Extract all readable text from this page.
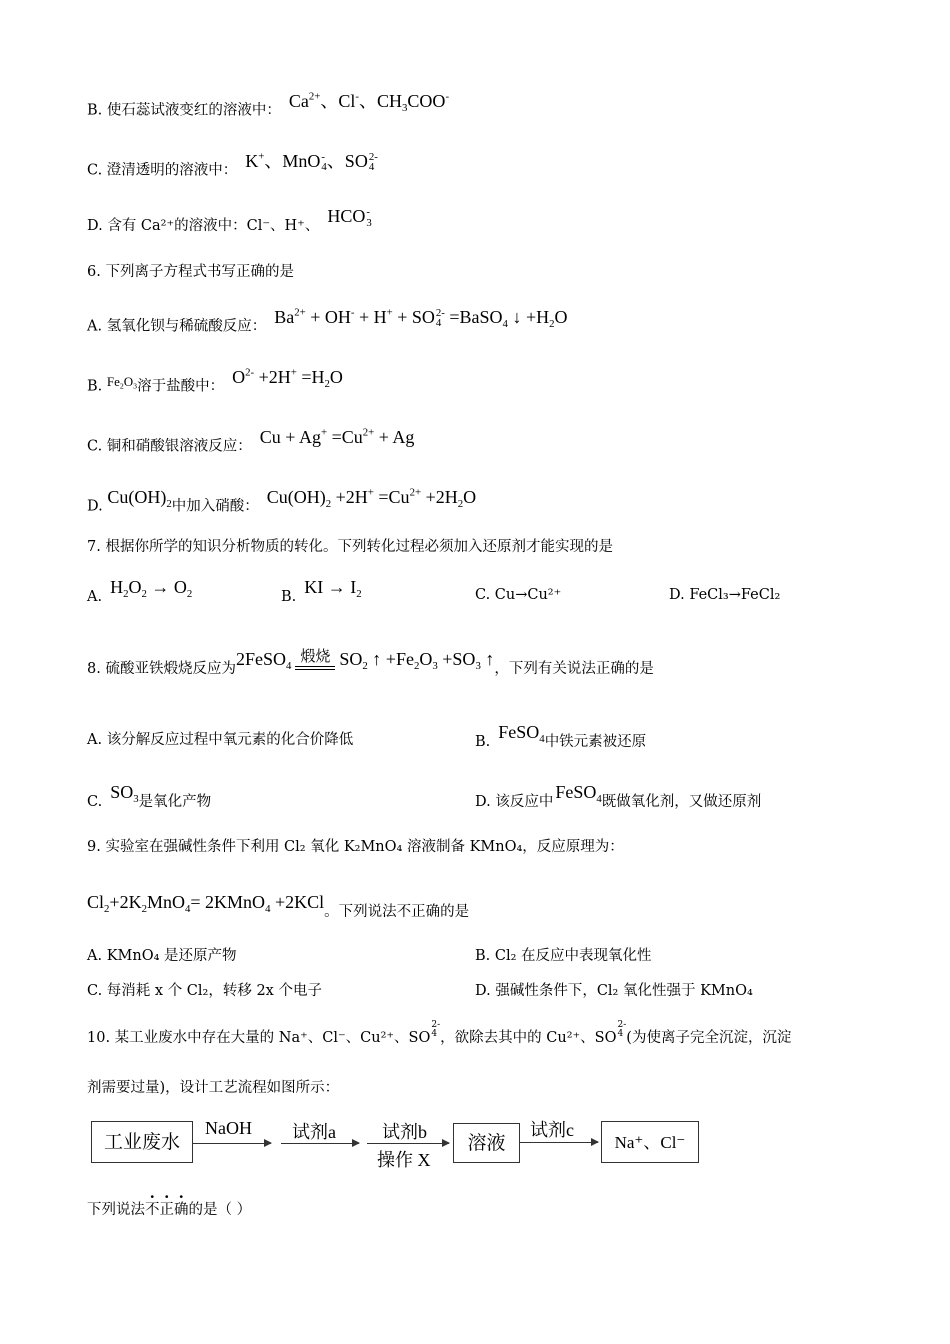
B. 使石蕊试液变红的溶液中： $Ca^{2+}$、Cl-、$CH_3COO^-$
C. 澄清透明的溶液中： K+、MnO -
4 、SO 2-
4
D. 含有 Ca²⁺的溶液中：Cl⁻、H⁺、 HCO -
3
6. 下列离子方程式书写正确的是
A. 氢氧化钡与稀硫酸反应： $Ba^{2+} + OH^- + H^+$ + SO 2-
4 =BaSO$_4$ ↓ $+H_2O$
B. $Fe_2O_3$溶于盐酸中： $O^{2-} +2H^+ =H_2O$
C. 铜和硝酸银溶液反应： $Cu + Ag^+ =Cu^{2+} + Ag$
D. $Cu(OH)_2$中加入硝酸： $Cu(OH)_2 +2H^+ =Cu^{2+} +2H_2O$
7. 根据你所学的知识分析物质的转化。下列转化过程必须加入还原剂才能实现的是
A. $H_2O_2 \to O_2$	B. KI → $I_2$	C. Cu→Cu²⁺	D. FeCl₃→FeCl₂
8. 硫酸亚铁煅烧反应为2FeSO$_4$
煅烧 $SO_2$ ↑ $+Fe_2O_3 +SO_3$ ↑，下列有关说法正确的是
A. 该分解反应过程中氧元素的化合价降低	B. FeSO$_4$中铁元素被还原
C. $SO_3$是氧化产物	D. 该反应中 FeSO$_4$既做氧化剂，又做还原剂
9. 实验室在强碱性条件下利用 Cl₂ 氧化 K₂MnO₄ 溶液制备 KMnO₄，反应原理为：
$Cl_2+2K_2MnO_4=$ 2KMnO$_4$ +2KCl。下列说法不正确的是
A. KMnO₄ 是还原产物	B. Cl₂ 在反应中表现氧化性
C. 每消耗 x 个 Cl₂，转移 2x 个电子	D. 强碱性条件下，Cl₂ 氧化性强于 KMnO₄
10. 某工业废水中存在大量的 Na⁺、Cl⁻、Cu²⁺、SO
2-
4 ，欲除去其中的 Cu²⁺、SO
2-
4 (为使离子完全沉淀，沉淀
剂需要过量)，设计工艺流程如图所示：
工业废水
NaOH 试剂a	试剂b
操作 X
溶液
试剂c
Na⁺、Cl⁻
下列说法不正确的是（ ）
